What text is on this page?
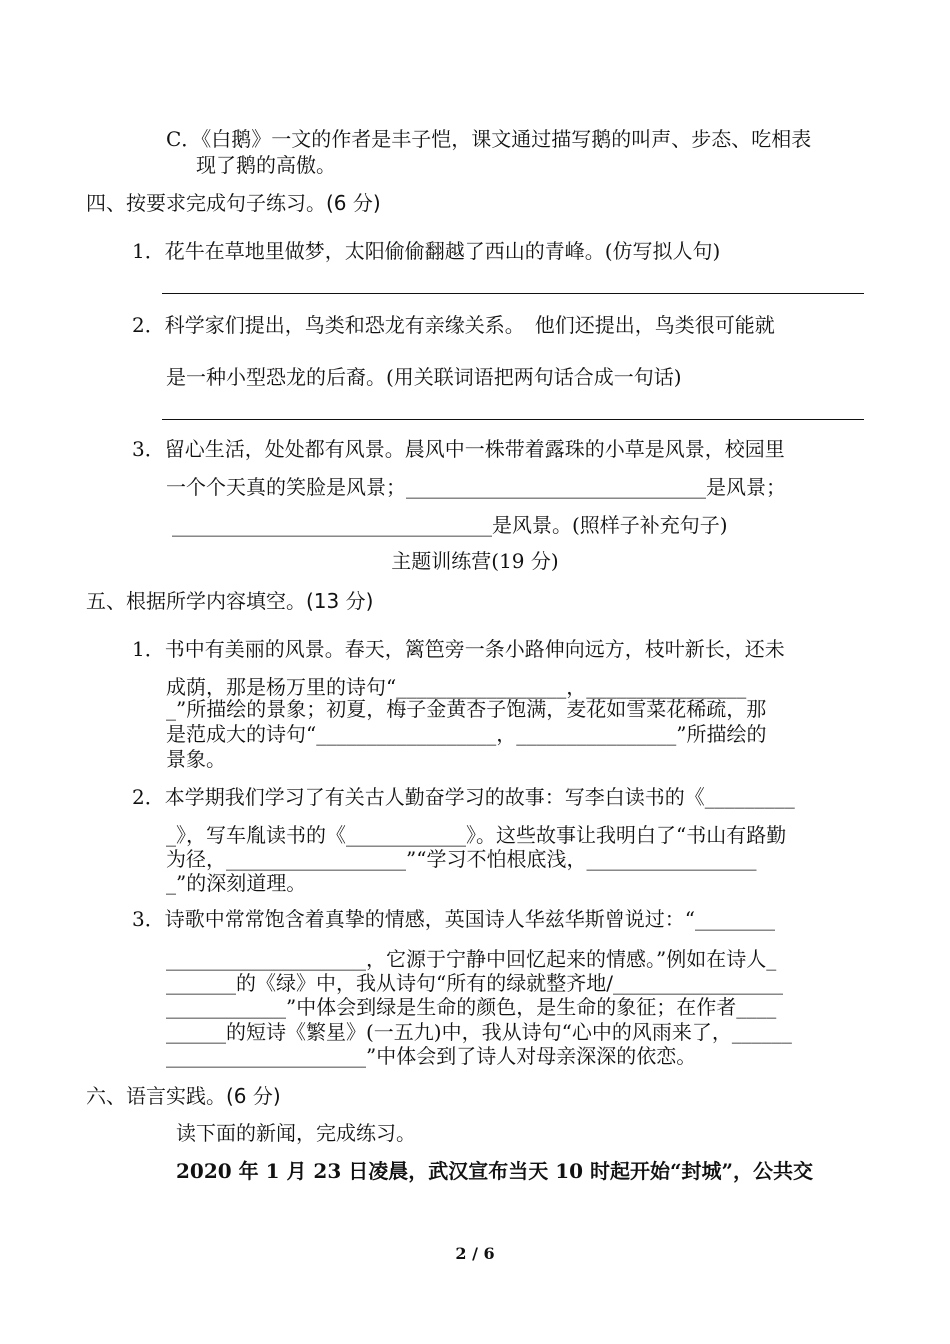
C．《白鹅》一文的作者是丰子恺，课文通过描写鹅的叫声、步态、吃相表
现了鹅的高傲。
四、按要求完成句子练习。(6 分)
1．花牛在草地里做梦，太阳偷偷翻越了西山的青峰。(仿写拟人句)
2．科学家们提出，鸟类和恐龙有亲缘关系。　他们还提出，鸟类很可能就
是一种小型恐龙的后裔。(用关联词语把两句话合成一句话)
3．留心生活，处处都有风景。晨风中一株带着露珠的小草是风景，校园里
一个个天真的笑脸是风景；______________________________是风景；
________________________________是风景。(照样子补充句子)
主题训练营(19 分)
五、根据所学内容填空。(13 分)
1．书中有美丽的风景。春天，篱笆旁一条小路伸向远方，枝叶新长，还未
成荫，那是杨万里的诗句“_________________，________________
_”所描绘的景象；初夏，梅子金黄杏子饱满，麦花如雪菜花稀疏，那
是范成大的诗句“__________________，________________”所描绘的
景象。
2．本学期我们学习了有关古人勤奋学习的故事：写李白读书的《_________
_》，写车胤读书的《____________》。这些故事让我明白了“书山有路勤
为径，__________________”“学习不怕根底浅，_________________
_”的深刻道理。
3．诗歌中常常饱含着真挚的情感，英国诗人华兹华斯曾说过：“________
____________________，它源于宁静中回忆起来的情感。”例如在诗人_
_______的《绿》中，我从诗句“所有的绿就整齐地/_________________
____________”中体会到绿是生命的颜色，是生命的象征；在作者____
______的短诗《繁星》(一五九)中，我从诗句“心中的风雨来了，______
____________________”中体会到了诗人对母亲深深的依恋。
六、语言实践。(6 分)
读下面的新闻，完成练习。
2020 年 1 月 23 日凌晨，武汉宣布当天 10 时起开始“封城”，公共交
2 / 6
